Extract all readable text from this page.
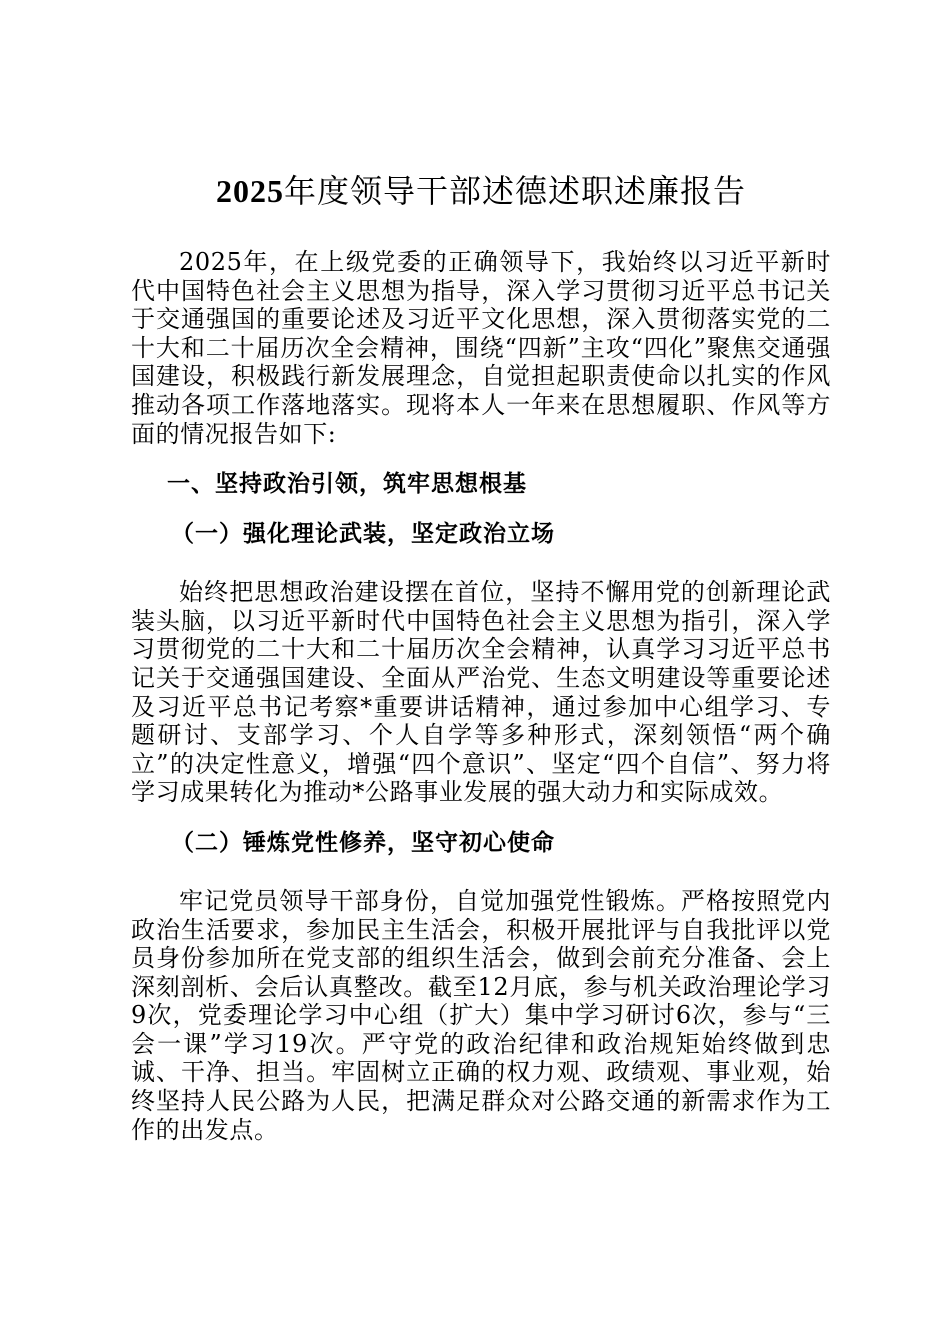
2025年度领导干部述德述职述廉报告

2025年，在上级党委的正确领导下，我始终以习近平新时代中国特色社会主义思想为指导，深入学习贯彻习近平总书记关于交通强国的重要论述及习近平文化思想，深入贯彻落实党的二十大和二十届历次全会精神，围绕“四新”主攻“四化”聚焦交通强国建设，积极践行新发展理念，自觉担起职责使命以扎实的作风推动各项工作落地落实。现将本人一年来在思想履职、作风等方面的情况报告如下:

一、坚持政治引领，筑牢思想根基
（一）强化理论武装，坚定政治立场

始终把思想政治建设摆在首位，坚持不懈用党的创新理论武装头脑，以习近平新时代中国特色社会主义思想为指引，深入学习贯彻党的二十大和二十届历次全会精神，认真学习习近平总书记关于交通强国建设、全面从严治党、生态文明建设等重要论述及习近平总书记考察*重要讲话精神，通过参加中心组学习、专题研讨、支部学习、个人自学等多种形式，深刻领悟“两个确立”的决定性意义，增强“四个意识”、坚定“四个自信”、努力将学习成果转化为推动*公路事业发展的强大动力和实际成效。

（二）锤炼党性修养，坚守初心使命

牢记党员领导干部身份，自觉加强党性锻炼。严格按照党内政治生活要求，参加民主生活会，积极开展批评与自我批评以党员身份参加所在党支部的组织生活会，做到会前充分准备、会上深刻剖析、会后认真整改。截至12月底，参与机关政治理论学习9次，党委理论学习中心组（扩大）集中学习研讨6次，参与“三会一课”学习19次。严守党的政治纪律和政治规矩始终做到忠诚、干净、担当。牢固树立正确的权力观、政绩观、事业观，始终坚持人民公路为人民，把满足群众对公路交通的新需求作为工作的出发点。
